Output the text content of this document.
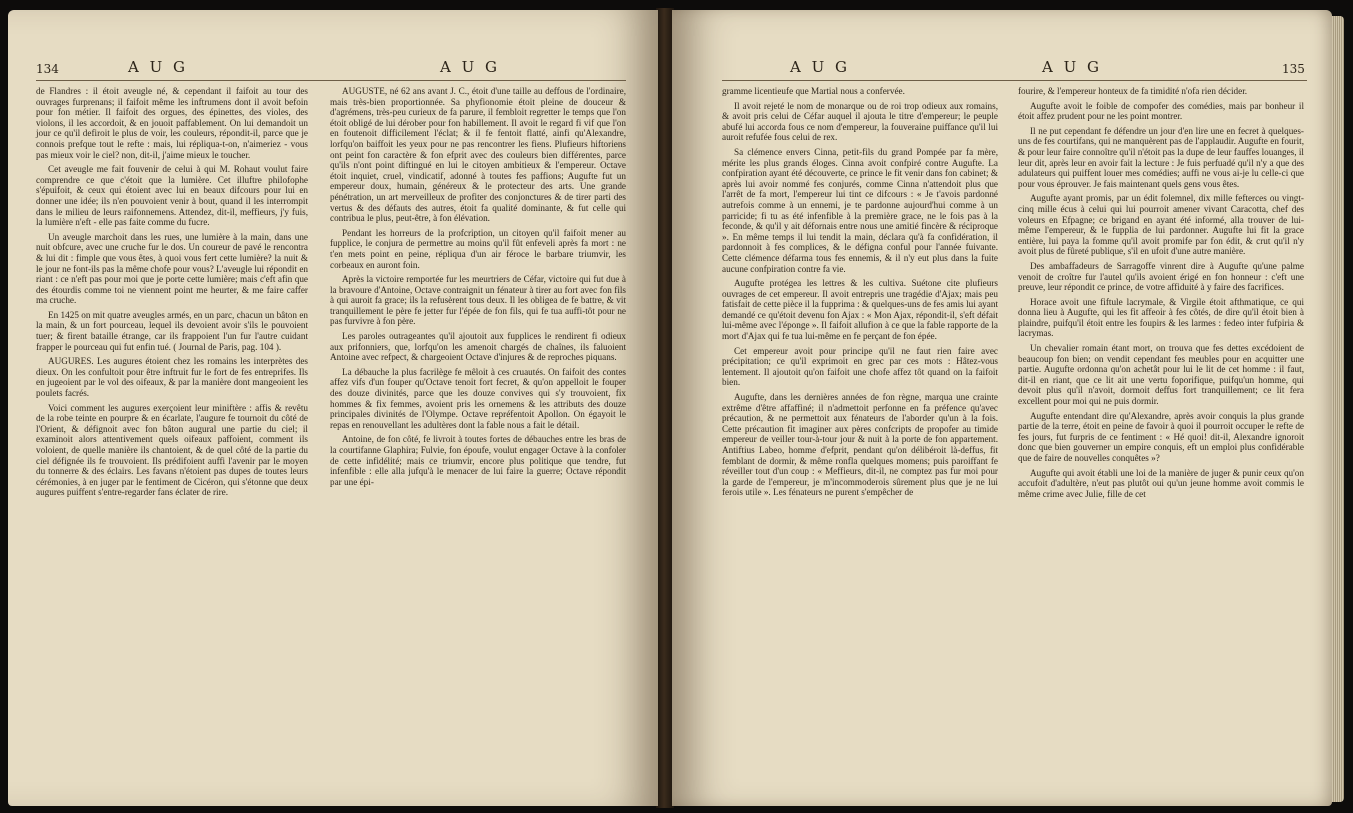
134	A U G	A U G

de Flandres : il étoit aveugle né, & cependant il faifoit au tour des ouvrages furprenans; il faifoit même les inftrumens dont il avoit befoin pour fon métier. Il faifoit des orgues, des épinettes, des violes, des violons, il les accordoit, & en jouoit paffablement. On lui demandoit un jour ce qu'il defiroit le plus de voir, les couleurs, répondit-il, parce que je connois prefque tout le refte : mais, lui répliqua-t-on, n'aimeriez - vous pas mieux voir le ciel? non, dit-il, j'aime mieux le toucher.

Cet aveugle me fait fouvenir de celui à qui M. Rohaut voulut faire comprendre ce que c'étoit que la lumière. Cet illuftre philofophe s'épuifoit, & ceux qui étoient avec lui en beaux difcours pour lui en donner une idée; ils n'en pouvoient venir à bout, quand il les interrompit dans le milieu de leurs raifonnemens. Attendez, dit-il, meffieurs, j'y fuis, la lumière n'eft - elle pas faite comme du fucre.

Un aveugle marchoit dans les rues, une lumière à la main, dans une nuit obfcure, avec une cruche fur le dos. Un coureur de pavé le rencontra & lui dit : fimple que vous êtes, à quoi vous fert cette lumière? la nuit & le jour ne font-ils pas la même chofe pour vous? L'aveugle lui répondit en riant : ce n'eft pas pour moi que je porte cette lumière; mais c'eft afin que des étourdis comme toi ne viennent point me heurter, & me faire caffer ma cruche.

En 1425 on mit quatre aveugles armés, en un parc, chacun un bâton en la main, & un fort pourceau, lequel ils devoient avoir s'ils le pouvoient tuer; & firent bataille étrange, car ils frappoient l'un fur l'autre cuidant frapper le pourceau qui fut enfin tué. ( Journal de Paris, pag. 104 ).

AUGURES. Les augures étoient chez les romains les interprètes des dieux. On les confultoit pour être inftruit fur le fort de fes entreprifes. Ils en jugeoient par le vol des oifeaux, & par la manière dont mangeoient les poulets facrés.

Voici comment les augures exerçoient leur miniftère : affis & revêtu de la robe teinte en pourpre & en écarlate, l'augure fe tournoit du côté de l'Orient, & défignoit avec fon bâton augural une partie du ciel; il examinoit alors attentivement quels oifeaux paffoient, comment ils voloient, de quelle manière ils chantoient, & de quel côté de la partie du ciel défignée ils fe trouvoient. Ils prédifoient auffi l'avenir par le moyen du tonnerre & des éclairs. Les favans n'étoient pas dupes de toutes leurs cérémonies, à en juger par le fentiment de Cicéron, qui s'étonne que deux augures puiffent s'entre-regarder fans éclater de rire.

AUGUSTE, né 62 ans avant J. C., étoit d'une taille au deffous de l'ordinaire, mais très-bien proportionnée. Sa phyfionomie étoit pleine de douceur & d'agrémens, très-peu curieux de fa parure, il fembloit regretter le temps que l'on étoit obligé de lui dérober pour fon habillement. Il avoit le regard fi vif que l'on en foutenoit difficilement l'éclat; & il fe fentoit flatté, ainfi qu'Alexandre, lorfqu'on baiffoit les yeux pour ne pas rencontrer les fiens. Plufieurs hiftoriens ont peint fon caractère & fon efprit avec des couleurs bien différentes, parce qu'ils n'ont point diftingué en lui le citoyen ambitieux & l'empereur. Octave étoit inquiet, cruel, vindicatif, adonné à toutes fes paffions; Augufte fut un empereur doux, humain, généreux & le protecteur des arts. Une grande pénétration, un art merveilleux de profiter des conjonctures & de tirer parti des vertus & des défauts des autres, étoit fa qualité dominante, & fut celle qui contribua le plus, peut-être, à fon élévation.

Pendant les horreurs de la profcription, un citoyen qu'il faifoit mener au fupplice, le conjura de permettre au moins qu'il fût enfeveli après fa mort : ne t'en mets point en peine, répliqua d'un air féroce le barbare triumvir, les corbeaux en auront foin.

Après la victoire remportée fur les meurtriers de Céfar, victoire qui fut due à la bravoure d'Antoine, Octave contraignit un fénateur à tirer au fort avec fon fils à qui auroit fa grace; ils la refusèrent tous deux. Il les obligea de fe battre, & vit tranquillement le père fe jetter fur l'épée de fon fils, qui fe tua auffi-tôt pour ne pas furvivre à fon père.

Les paroles outrageantes qu'il ajoutoit aux fupplices le rendirent fi odieux aux prifonniers, que, lorfqu'on les amenoit chargés de chaînes, ils faluoient Antoine avec refpect, & chargeoient Octave d'injures & de reproches piquans.

La débauche la plus facrilège fe mêloit à ces cruautés. On faifoit des contes affez vifs d'un fouper qu'Octave tenoit fort fecret, & qu'on appelloit le fouper des douze divinités, parce que les douze convives qui s'y trouvoient, fix hommes & fix femmes, avoient pris les ornemens & les attributs des douze principales divinités de l'Olympe. Octave repréfentoit Apollon. On égayoit le repas en renouvellant les adultères dont la fable nous a fait le détail.

Antoine, de fon côté, fe livroit à toutes fortes de débauches entre les bras de la courtifanne Glaphira; Fulvie, fon époufe, voulut engager Octave à la confoler de cette infidélité; mais ce triumvir, encore plus politique que tendre, fut infenfible : elle alla jufqu'à le menacer de lui faire la guerre; Octave répondit par une épi-

A U G	A U G	135

gramme licentieufe que Martial nous a confervée.

Il avoit rejeté le nom de monarque ou de roi trop odieux aux romains, & avoit pris celui de Céfar auquel il ajouta le titre d'empereur; le peuple abufé lui accorda fous ce nom d'empereur, la fouveraine puiffance qu'il lui auroit refufée fous celui de rex.

Sa clémence envers Cinna, petit-fils du grand Pompée par fa mère, mérite les plus grands éloges. Cinna avoit confpiré contre Augufte. La confpiration ayant été découverte, ce prince le fit venir dans fon cabinet; & après lui avoir nommé fes conjurés, comme Cinna n'attendoit plus que l'arrêt de fa mort, l'empereur lui tint ce difcours : « Je t'avois pardonné autrefois comme à un ennemi, je te pardonne aujourd'hui comme à un parricide; fi tu as été infenfible à la première grace, ne le fois pas à la feconde, & qu'il y ait défornais entre nous une amitié fincère & réciproque ». En même temps il lui tendit la main, déclara qu'à fa confidération, il pardonnoit à fes complices, & le défigna conful pour l'année fuivante. Cette clémence défarma tous fes ennemis, & il n'y eut plus dans la fuite aucune confpiration contre fa vie.

Augufte protégea les lettres & les cultiva. Suétone cite plufieurs ouvrages de cet empereur. Il avoit entrepris une tragédie d'Ajax; mais peu fatisfait de cette pièce il la fupprima : & quelques-uns de fes amis lui ayant demandé ce qu'étoit devenu fon Ajax : « Mon Ajax, répondit-il, s'eft défait lui-même avec l'éponge ». Il faifoit allufion à ce que la fable rapporte de la mort d'Ajax qui fe tua lui-même en fe perçant de fon épée.

Cet empereur avoit pour principe qu'il ne faut rien faire avec précipitation; ce qu'il exprimoit en grec par ces mots : Hâtez-vous lentement. Il ajoutoit qu'on faifoit une chofe affez tôt quand on la faifoit bien.

Augufte, dans les dernières années de fon règne, marqua une crainte extrême d'être affaffiné; il n'admettoit perfonne en fa préfence qu'avec précaution, & ne permettoit aux fénateurs de l'aborder qu'un à la fois. Cette précaution fit imaginer aux pères confcripts de propofer au timide empereur de veiller tour-à-tour jour & nuit à la porte de fon appartement. Antiftius Labeo, homme d'efprit, pendant qu'on délibéroit là-deffus, fit femblant de dormir, & même ronfla quelques momens; puis paroiffant fe réveiller tout d'un coup : « Meffieurs, dit-il, ne comptez pas fur moi pour la garde de l'empereur, je m'incommoderois sûrement plus que je ne lui ferois utile ». Les fénateurs ne purent s'empêcher de

fourire, & l'empereur honteux de fa timidité n'ofa rien décider.

Augufte avoit le foible de compofer des comédies, mais par bonheur il étoit affez prudent pour ne les point montrer.

Il ne put cependant fe défendre un jour d'en lire une en fecret à quelques-uns de fes courtifans, qui ne manquèrent pas de l'applaudir. Augufte en fourit, & pour leur faire connoître qu'il n'étoit pas la dupe de leur fauffes louanges, il leur dit, après leur en avoir fait la lecture : Je fuis perfuadé qu'il n'y a que des adulateurs qui puiffent louer mes comédies; auffi ne vous ai-je lu celle-ci que pour vous éprouver. Je fais maintenant quels gens vous êtes.

Augufte ayant promis, par un édit folemnel, dix mille fefterces ou vingt-cinq mille écus à celui qui lui pourroit amener vivant Caracotta, chef des voleurs en Efpagne; ce brigand en ayant été informé, alla trouver de lui-même l'empereur, & le fupplia de lui pardonner. Augufte lui fit la grace entière, lui paya la fomme qu'il avoit promife par fon édit, & crut qu'il n'y avoit plus de fûreté publique, s'il en ufoit d'une autre manière.

Des ambaffadeurs de Sarragoffe vinrent dire à Augufte qu'une palme venoit de croître fur l'autel qu'ils avoient érigé en fon honneur : c'eft une preuve, leur répondit ce prince, de votre affiduité à y faire des facrifices.

Horace avoit une fiftule lacrymale, & Virgile étoit afthmatique, ce qui donna lieu à Augufte, qui les fit affeoir à fes côtés, de dire qu'il étoit bien à plaindre, puifqu'il étoit entre les foupirs & les larmes : fedeo inter fufpiria & lacrymas.

Un chevalier romain étant mort, on trouva que fes dettes excédoient de beaucoup fon bien; on vendit cependant fes meubles pour en acquitter une partie. Augufte ordonna qu'on achetât pour lui le lit de cet homme : il faut, dit-il en riant, que ce lit ait une vertu foporifique, puifqu'un homme, qui devoit plus qu'il n'avoit, dormoit deffus fort tranquillement; ce lit fera excellent pour moi qui ne puis dormir.

Augufte entendant dire qu'Alexandre, après avoir conquis la plus grande partie de la terre, étoit en peine de favoir à quoi il pourroit occuper le refte de fes jours, fut furpris de ce fentiment : « Hé quoi! dit-il, Alexandre ignoroit donc que bien gouverner un empire conquis, eft un emploi plus confidérable que de faire de nouvelles conquêtes »?

Augufte qui avoit établi une loi de la manière de juger & punir ceux qu'on accufoit d'adultère, n'eut pas plutôt oui qu'un jeune homme avoit commis le même crime avec Julie, fille de cet
